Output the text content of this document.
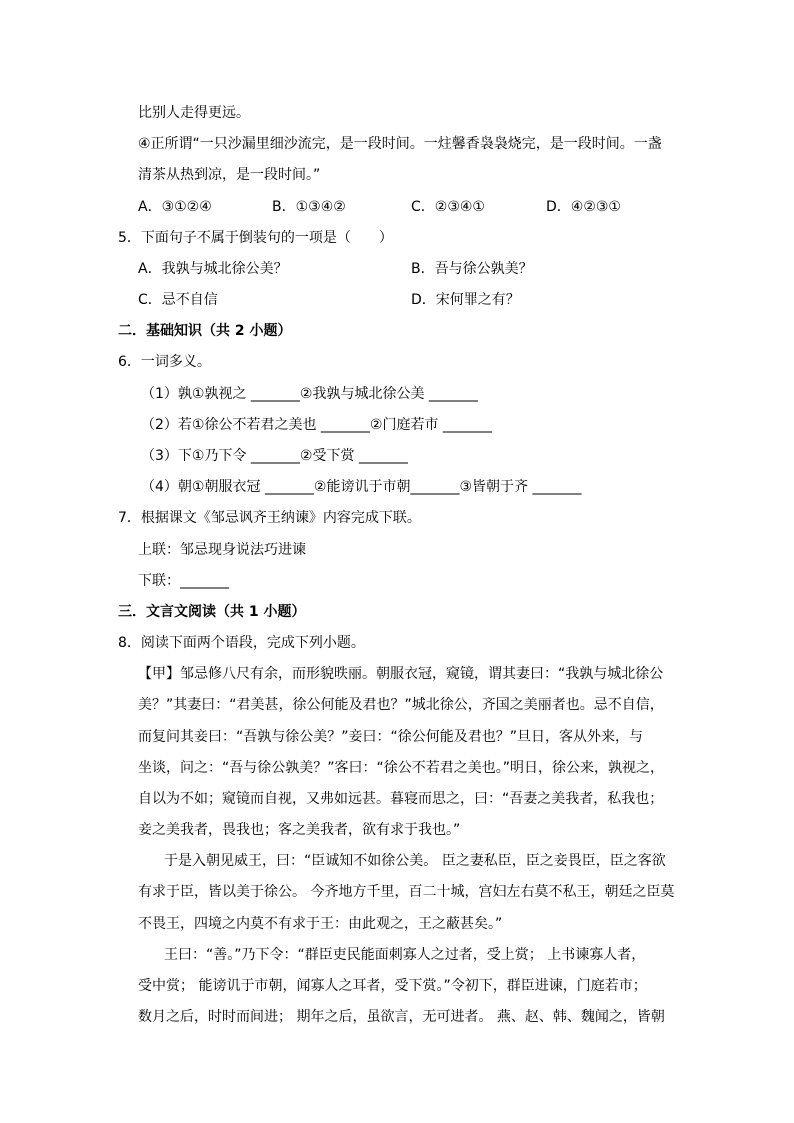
比别人走得更远。
④正所谓“一只沙漏里细沙流完，是一段时间。一炷馨香袅袅烧完，是一段时间。一盏
清茶从热到凉，是一段时间。”
A．③①②④	B．①③④②	C．②③④①	D．④②③①
5．下面句子不属于倒装句的一项是（　　）
A．我孰与城北徐公美？	B．吾与徐公孰美？
C．忌不自信	D．宋何罪之有？
二．基础知识（共 2 小题）
6．一词多义。
（1）孰①孰视之 _______②我孰与城北徐公美 _______
（2）若①徐公不若君之美也 _______②门庭若市 _______
（3）下①乃下令 _______②受下赏 _______
（4）朝①朝服衣冠 _______②能谤讥于市朝_______③皆朝于齐 _______
7．根据课文《邹忌讽齐王纳谏》内容完成下联。
上联：邹忌现身说法巧进谏
下联：_______
三．文言文阅读（共 1 小题）
8．阅读下面两个语段，完成下列小题。
【甲】邹忌修八尺有余，而形貌昳丽。朝服衣冠，窥镜，谓其妻曰：“我孰与城北徐公
美？”其妻曰：“君美甚，徐公何能及君也？”城北徐公，齐国之美丽者也。忌不自信，
而复问其妾曰：“吾孰与徐公美？”妾曰：“徐公何能及君也？”旦日，客从外来，与
坐谈，问之：“吾与徐公孰美？”客曰：“徐公不若君之美也。”明日，徐公来，孰视之，
自以为不如；窥镜而自视，又弗如远甚。暮寝而思之，曰：“吾妻之美我者，私我也；
妾之美我者，畏我也；客之美我者，欲有求于我也。”
于是入朝见威王，曰：“臣诚知不如徐公美。 臣之妻私臣，臣之妾畏臣，臣之客欲
有求于臣，皆以美于徐公。 今齐地方千里，百二十城，宫妇左右莫不私王，朝廷之臣莫
不畏王，四境之内莫不有求于王：由此观之，王之蔽甚矣。”
王曰：“善。”乃下令：“群臣吏民能面刺寡人之过者，受上赏； 上书谏寡人者，
受中赏； 能谤讥于市朝，闻寡人之耳者，受下赏。”令初下，群臣进谏，门庭若市；
数月之后，时时而间进； 期年之后，虽欲言，无可进者。 燕、赵、韩、魏闻之，皆朝
